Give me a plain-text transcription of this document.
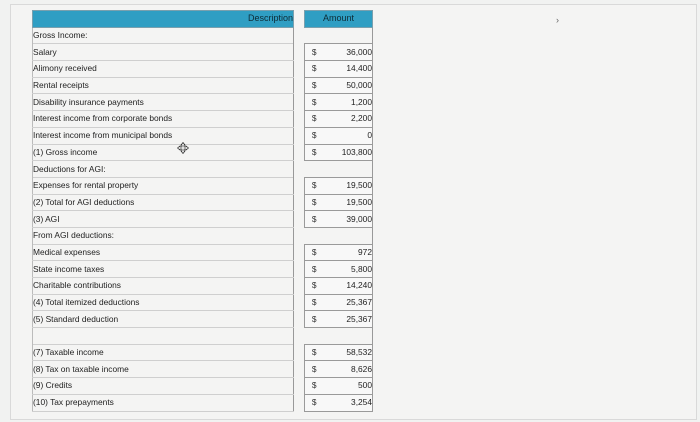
Description		Amount	
Gross Income:			
Salary		$	36,000
Alimony received		$	14,400
Rental receipts		$	50,000
Disability insurance payments		$	1,200
Interest income from corporate bonds		$	2,200
Interest income from municipal bonds		$	0
(1) Gross income		$	103,800
Deductions for AGI:			
Expenses for rental property		$	19,500
(2) Total for AGI deductions		$	19,500
(3) AGI		$	39,000
From AGI deductions:			
Medical expenses		$	972
State income taxes		$	5,800
Charitable contributions		$	14,240
(4) Total itemized deductions		$	25,367
(5) Standard deduction		$	25,367

(7) Taxable income		$	58,532
(8) Tax on taxable income		$	8,626
(9) Credits		$	500
(10) Tax prepayments		$	3,254
›
